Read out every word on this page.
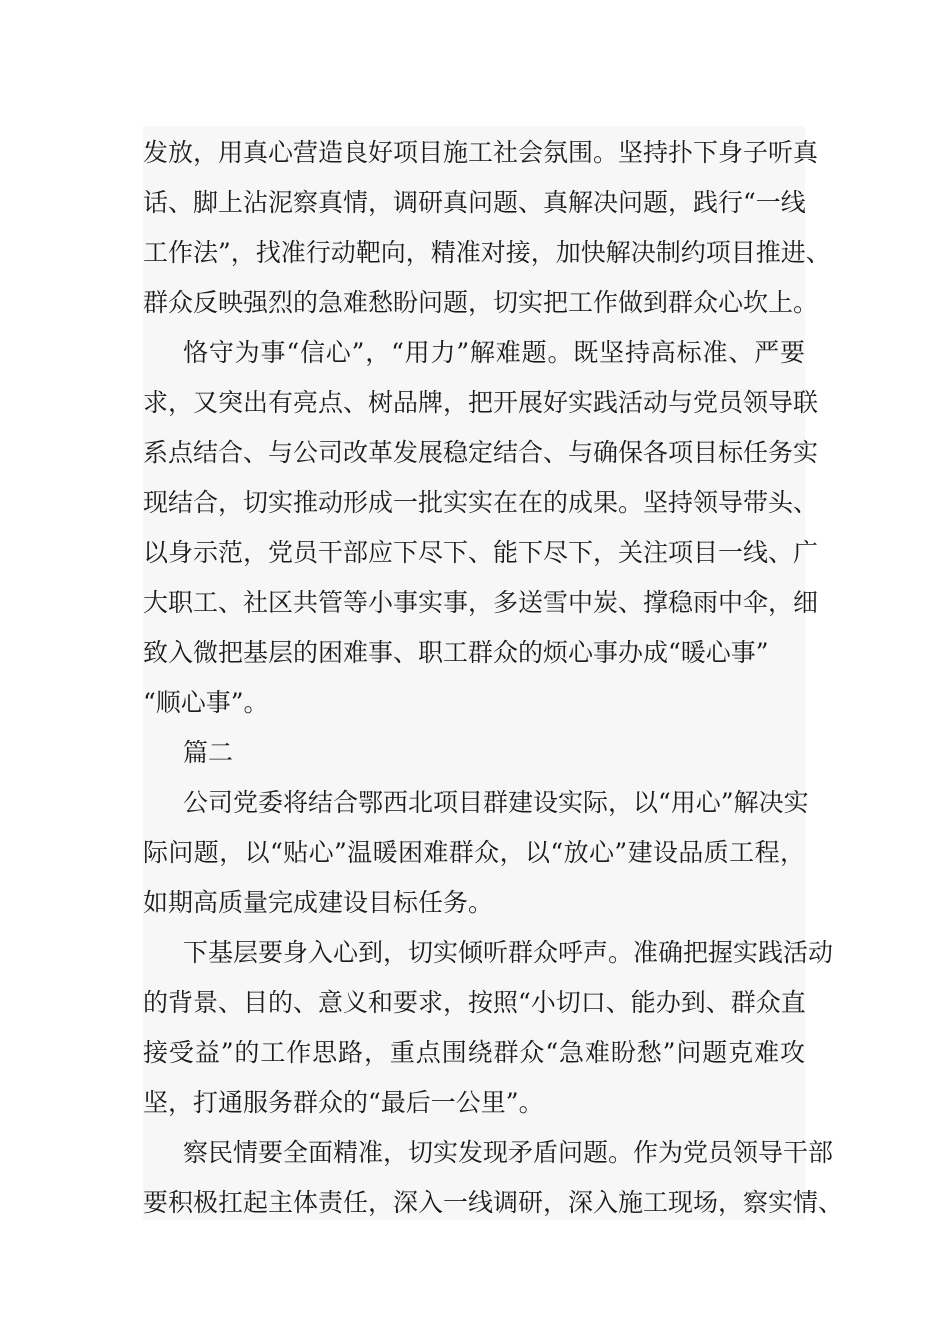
发放，用真心营造良好项目施工社会氛围。坚持扑下身子听真
话、脚上沾泥察真情，调研真问题、真解决问题，践行“一线
工作法”，找准行动靶向，精准对接，加快解决制约项目推进、
群众反映强烈的急难愁盼问题，切实把工作做到群众心坎上。
恪守为事“信心”，“用力”解难题。既坚持高标准、严要
求，又突出有亮点、树品牌，把开展好实践活动与党员领导联
系点结合、与公司改革发展稳定结合、与确保各项目标任务实
现结合，切实推动形成一批实实在在的成果。坚持领导带头、
以身示范，党员干部应下尽下、能下尽下，关注项目一线、广
大职工、社区共管等小事实事，多送雪中炭、撑稳雨中伞，细
致入微把基层的困难事、职工群众的烦心事办成“暖心事”
“顺心事”。
篇二
公司党委将结合鄂西北项目群建设实际，以“用心”解决实
际问题，以“贴心”温暖困难群众，以“放心”建设品质工程，
如期高质量完成建设目标任务。
下基层要身入心到，切实倾听群众呼声。准确把握实践活动
的背景、目的、意义和要求，按照“小切口、能办到、群众直
接受益”的工作思路，重点围绕群众“急难盼愁”问题克难攻
坚，打通服务群众的“最后一公里”。
察民情要全面精准，切实发现矛盾问题。作为党员领导干部
要积极扛起主体责任，深入一线调研，深入施工现场，察实情、
